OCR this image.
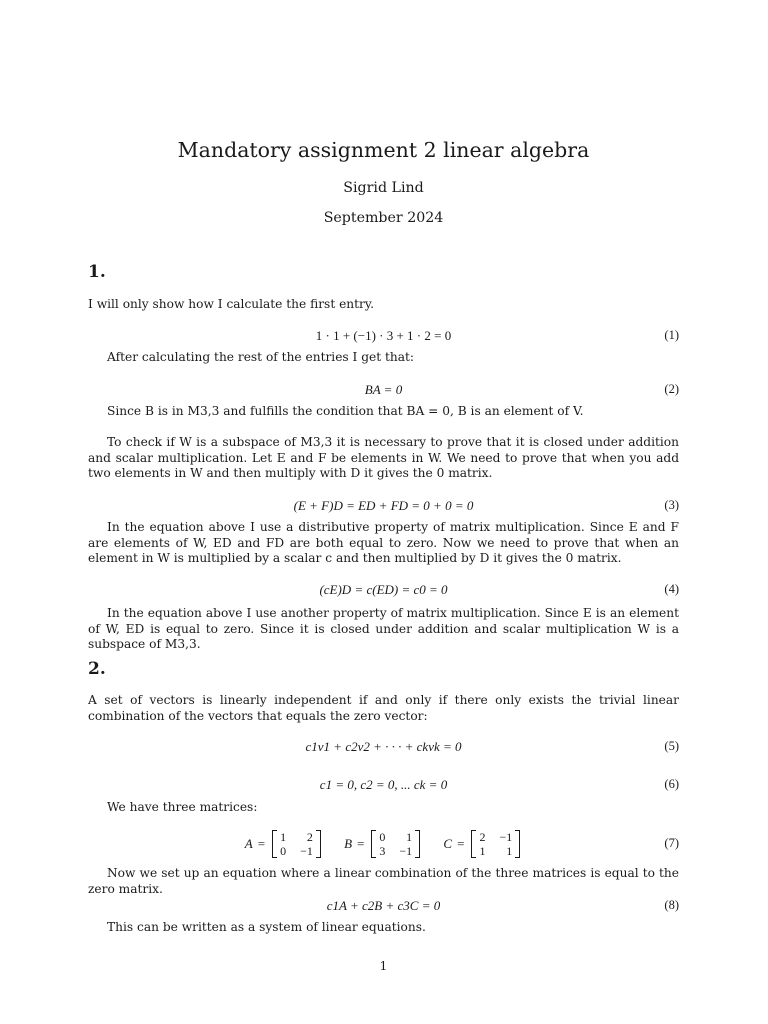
Mandatory assignment 2 linear algebra
Sigrid Lind
September 2024
1.
I will only show how I calculate the first entry.
1 · 1 + (−1) · 3 + 1 · 2 = 0	(1)
After calculating the rest of the entries I get that:
BA = 0	(2)
Since B is in M3,3 and fulfills the condition that BA = 0, B is an element of V.
To check if W is a subspace of M3,3 it is necessary to prove that it is closed under addition and scalar multiplication. Let E and F be elements in W. We need to prove that when you add two elements in W and then multiply with D it gives the 0 matrix.
(E + F)D = ED + FD = 0 + 0 = 0	(3)
In the equation above I use a distributive property of matrix multiplication. Since E and F are elements of W, ED and FD are both equal to zero. Now we need to prove that when an element in W is multiplied by a scalar c and then multiplied by D it gives the 0 matrix.
(cE)D = c(ED) = c0 = 0	(4)
In the equation above I use another property of matrix multiplication. Since E is an element of W, ED is equal to zero. Since it is closed under addition and scalar multiplication W is a subspace of M3,3.
2.
A set of vectors is linearly independent if and only if there only exists the trivial linear combination of the vectors that equals the zero vector:
c1v1 + c2v2 + · · · + ckvk = 0	(5)
c1 = 0, c2 = 0, ... ck = 0	(6)
We have three matrices:
A = 1	2
0 −1
B = 0	1
3 −1
C = 2 −1
1	1
(7)
Now we set up an equation where a linear combination of the three matrices is equal to the zero matrix.
c1A + c2B + c3C = 0	(8)
This can be written as a system of linear equations.
1
